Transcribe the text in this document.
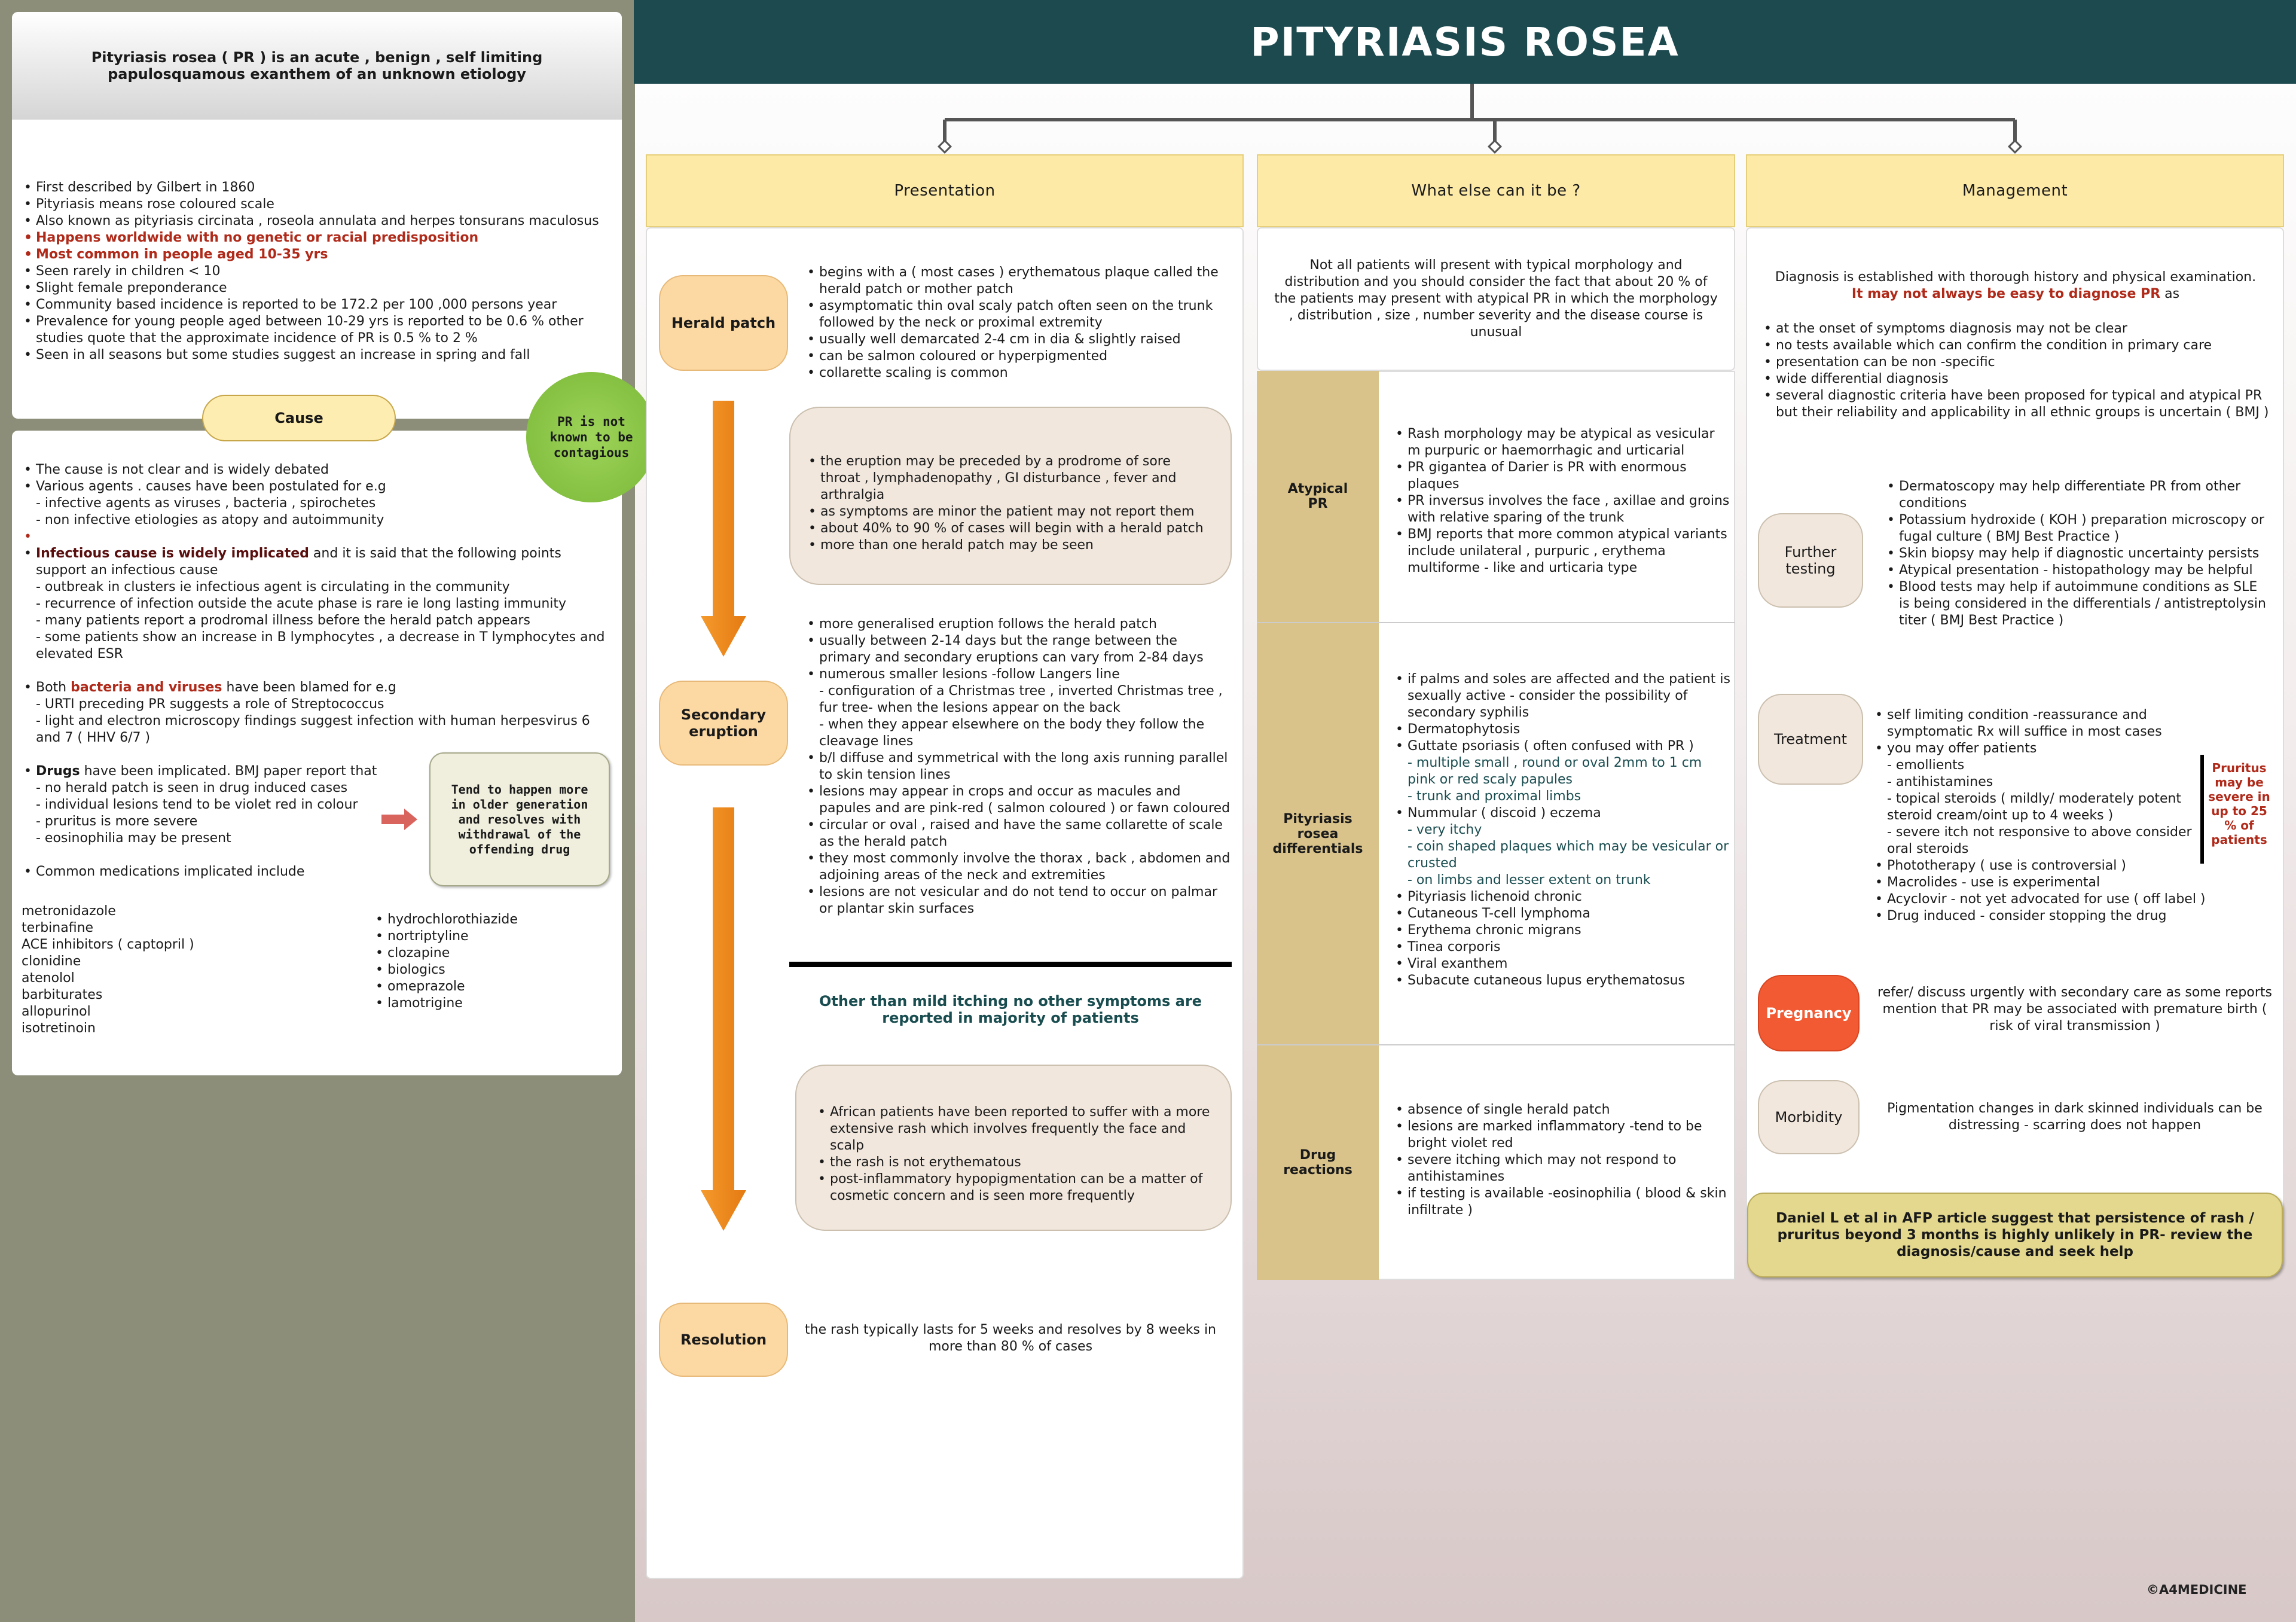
Pityriasis rosea ( PR ) is an acute , benign , self limiting papulosquamous exanthem of an unknown etiology
• First described by Gilbert in 1860
• Pityriasis means rose coloured scale
• Also known as pityriasis circinata , roseola annulata and herpes tonsurans maculosus
• Happens worldwide with no genetic or racial predisposition
• Most common in people aged 10-35 yrs
• Seen rarely in children < 10
• Slight female preponderance
• Community based incidence is reported to be 172.2 per 100 ,000 persons year
• Prevalence for young people aged between 10-29 yrs is reported to be 0.6 % other studies quote that the approximate incidence of PR is 0.5 % to 2 %
• Seen in all seasons but some studies suggest an increase in spring and fall
• The cause is not clear and is widely debated
• Various agents . causes have been postulated for e.g
- infective agents as viruses , bacteria , spirochetes
- non infective etiologies as atopy and autoimmunity
•
• Infectious cause is widely implicated and it is said that the following points support an infectious cause
- outbreak in clusters ie infectious agent is circulating in the community
- recurrence of infection outside the acute phase is rare ie long lasting immunity
- many patients report a prodromal illness before the herald patch appears
- some patients show an increase in B lymphocytes , a decrease in T lymphocytes and elevated ESR

• Both bacteria and viruses have been blamed for e.g
- URTI preceding PR suggests a role of Streptococcus
- light and electron microscopy findings suggest infection with human herpesvirus 6 and 7 ( HHV 6/7 )

• Drugs have been implicated. BMJ paper report that
- no herald patch is seen in drug induced cases
- individual lesions tend to be violet red in colour
- pruritus is more severe
- eosinophilia may be present

• Common medications implicated include
Cause	PR is not known to be contagious
metronidazole
terbinafine
ACE inhibitors ( captopril )
clonidine
atenolol
barbiturates
allopurinol
isotretinoin
• hydrochlorothiazide
• nortriptyline
• clozapine
• biologics
• omeprazole
• lamotrigine
Tend to happen more in older generation and resolves with withdrawal of the offending drug
PITYRIASIS ROSEA
Presentation	What else can it be ?	Management
Herald patch
• begins with a ( most cases ) erythematous plaque called the herald patch or mother patch
• asymptomatic thin oval scaly patch often seen on the trunk followed by the neck or proximal extremity
• usually well demarcated 2-4 cm in dia & slightly raised
• can be salmon coloured or hyperpigmented
• collarette scaling is common
• the eruption may be preceded by a prodrome of sore throat , lymphadenopathy , GI disturbance , fever and arthralgia
• as symptoms are minor the patient may not report them
• about 40% to 90 % of cases will begin with a herald patch
• more than one herald patch may be seen
Secondary eruption
• more generalised eruption follows the herald patch
• usually between 2-14 days but the range between the primary and secondary eruptions can vary from 2-84 days
• numerous smaller lesions -follow Langers line
- configuration of a Christmas tree , inverted Christmas tree , fur tree- when the lesions appear on the back
- when they appear elsewhere on the body they follow the cleavage lines
• b/l diffuse and symmetrical with the long axis running parallel to skin tension lines
• lesions may appear in crops and occur as macules and papules and are pink-red ( salmon coloured ) or fawn coloured
• circular or oval , raised and have the same collarette of scale as the herald patch
• they most commonly involve the thorax , back , abdomen and adjoining areas of the neck and extremities
• lesions are not vesicular and do not tend to occur on palmar or plantar skin surfaces
Other than mild itching no other symptoms are reported in majority of patients
• African patients have been reported to suffer with a more extensive rash which involves frequently the face and scalp
• the rash is not erythematous
• post-inflammatory hypopigmentation can be a matter of cosmetic concern and is seen more frequently
Resolution
the rash typically lasts for 5 weeks and resolves by 8 weeks in more than 80 % of cases
Not all patients will present with typical morphology and distribution and you should consider the fact that about 20 % of the patients may present with atypical PR in which the morphology , distribution , size , number severity and the disease course is unusual
Atypical PR
• Rash morphology may be atypical as vesicular m purpuric or haemorrhagic and urticarial
• PR gigantea of Darier is PR with enormous plaques
• PR inversus involves the face , axillae and groins with relative sparing of the trunk
• BMJ reports that more common atypical variants include unilateral , purpuric , erythema multiforme - like and urticaria type
Pityriasis rosea differentials
• if palms and soles are affected and the patient is sexually active - consider the possibility of secondary syphilis
• Dermatophytosis
• Guttate psoriasis ( often confused with PR )
- multiple small , round or oval 2mm to 1 cm pink or red scaly papules
- trunk and proximal limbs
• Nummular ( discoid ) eczema
- very itchy
- coin shaped plaques which may be vesicular or crusted
- on limbs and lesser extent on trunk
• Pityriasis lichenoid chronic
• Cutaneous T-cell lymphoma
• Erythema chronic migrans
• Tinea corporis
• Viral exanthem
• Subacute cutaneous lupus erythematosus
Drug reactions
• absence of single herald patch
• lesions are marked inflammatory -tend to be bright violet red
• severe itching which may not respond to antihistamines
• if testing is available -eosinophilia ( blood & skin infiltrate )
Diagnosis is established with thorough history and physical examination.
It may not always be easy to diagnose PR as
• at the onset of symptoms diagnosis may not be clear
• no tests available which can confirm the condition in primary care
• presentation can be non -specific
• wide differential diagnosis
• several diagnostic criteria have been proposed for typical and atypical PR but their reliability and applicability in all ethnic groups is uncertain ( BMJ )
Further testing
• Dermatoscopy may help differentiate PR from other conditions
• Potassium hydroxide ( KOH ) preparation microscopy or fugal culture ( BMJ Best Practice )
• Skin biopsy may help if diagnostic uncertainty persists
• Atypical presentation - histopathology may be helpful
• Blood tests may help if autoimmune conditions as SLE is being considered in the differentials / antistreptolysin titer ( BMJ Best Practice )
Treatment
• self limiting condition -reassurance and symptomatic Rx will suffice in most cases
• you may offer patients
- emollients
- antihistamines
- topical steroids ( mildly/ moderately potent steroid cream/oint up to 4 weeks )
- severe itch not responsive to above consider oral steroids
• Phototherapy ( use is controversial )
• Macrolides - use is experimental
• Acyclovir - not yet advocated for use ( off label )
• Drug induced - consider stopping the drug
Pruritus may be severe in up to 25 % of patients
Pregnancy
refer/ discuss urgently with secondary care as some reports mention that PR may be associated with premature birth ( risk of viral transmission )
Morbidity
Pigmentation changes in dark skinned individuals can be distressing - scarring does not happen
Daniel L et al in AFP article suggest that persistence of rash / pruritus beyond 3 months is highly unlikely in PR- review the diagnosis/cause and seek help
©A4MEDICINE
